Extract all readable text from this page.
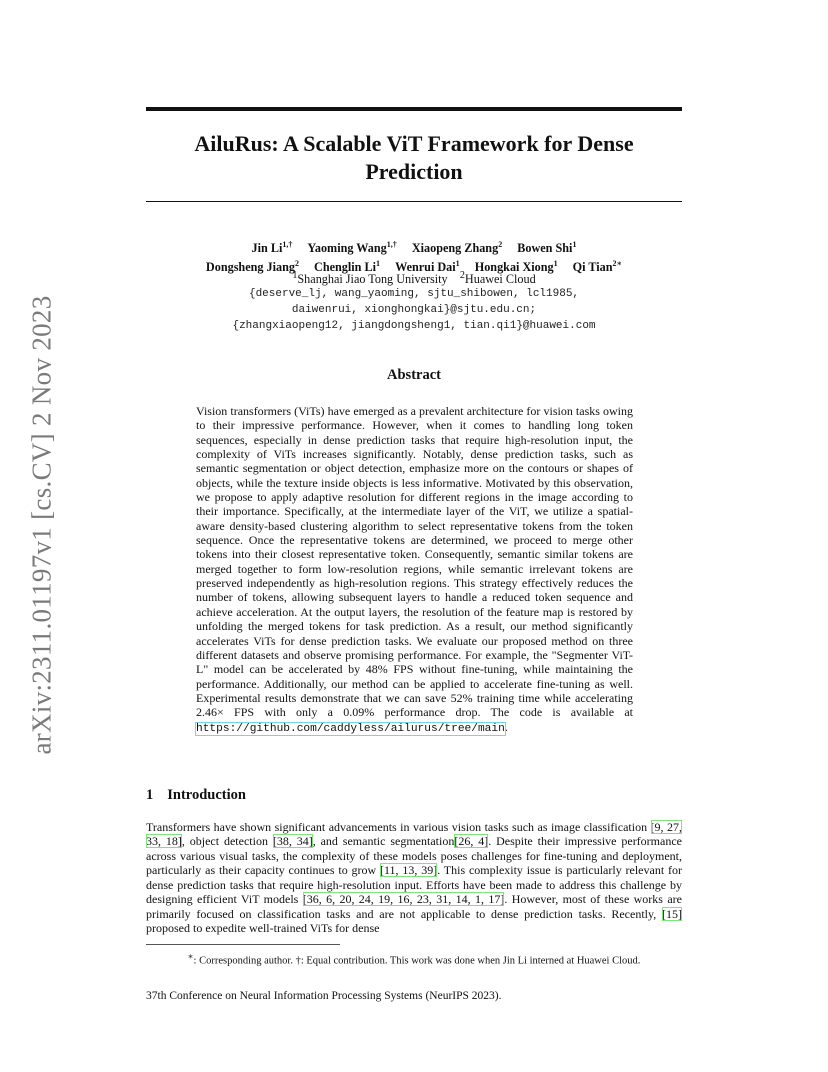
arXiv:2311.01197v1 [cs.CV] 2 Nov 2023
AiluRus: A Scalable ViT Framework for Dense
Prediction
Jin $Li^{1,\dagger}$ Yaoming Wang$^{1,\dagger}$ Xiaopeng Zhang$^2$ Bowen Shi$^1$
Dongsheng Jiang$^2$ Chenglin Li$^1$ Wenrui Dai$^1$ Hongkai Xiong$^1$ Qi Tian$^{2∗}$
$^1$Shanghai Jiao Tong University $^2$Huawei Cloud
{deserve_lj, wang_yaoming, sjtu_shibowen, lcl1985,
daiwenrui, xionghongkai}@sjtu.edu.cn;
{zhangxiaopeng12, jiangdongsheng1, tian.qi1}@huawei.com
Abstract
Vision transformers (ViTs) have emerged as a prevalent architecture for vision tasks owing to their impressive performance. However, when it comes to handling long token sequences, especially in dense prediction tasks that require high-resolution input, the complexity of ViTs increases significantly. Notably, dense prediction tasks, such as semantic segmentation or object detection, emphasize more on the contours or shapes of objects, while the texture inside objects is less informative. Motivated by this observation, we propose to apply adaptive resolution for different regions in the image according to their importance. Specifically, at the intermediate layer of the ViT, we utilize a spatial-aware density-based clustering algorithm to select representative tokens from the token sequence. Once the representative tokens are determined, we proceed to merge other tokens into their closest representative token. Consequently, semantic similar tokens are merged together to form low-resolution regions, while semantic irrelevant tokens are preserved independently as high-resolution regions. This strategy effectively reduces the number of tokens, allowing subsequent layers to handle a reduced token sequence and achieve acceleration. At the output layers, the resolution of the feature map is restored by unfolding the merged tokens for task prediction. As a result, our method significantly accelerates ViTs for dense prediction tasks. We evaluate our proposed method on three different datasets and observe promising performance. For example, the "Segmenter ViT-L" model can be accelerated by 48% FPS without fine-tuning, while maintaining the performance. Additionally, our method can be applied to accelerate fine-tuning as well. Experimental results demonstrate that we can save 52% training time while accelerating 2.46× FPS with only a 0.09% performance drop. The code is available at https://github.com/caddyless/ailurus/tree/main.
1 Introduction
Transformers have shown significant advancements in various vision tasks such as image classification [9, 27, 33, 18], object detection [38, 34], and semantic segmentation[26, 4]. Despite their impressive performance across various visual tasks, the complexity of these models poses challenges for fine-tuning and deployment, particularly as their capacity continues to grow [11, 13, 39]. This complexity issue is particularly relevant for dense prediction tasks that require high-resolution input. Efforts have been made to address this challenge by designing efficient ViT models [36, 6, 20, 24, 19, 16, 23, 31, 14, 1, 17]. However, most of these works are primarily focused on classification tasks and are not applicable to dense prediction tasks. Recently, [15] proposed to expedite well-trained ViTs for dense
∗: Corresponding author. †: Equal contribution. This work was done when Jin Li interned at Huawei Cloud.
37th Conference on Neural Information Processing Systems (NeurIPS 2023).
